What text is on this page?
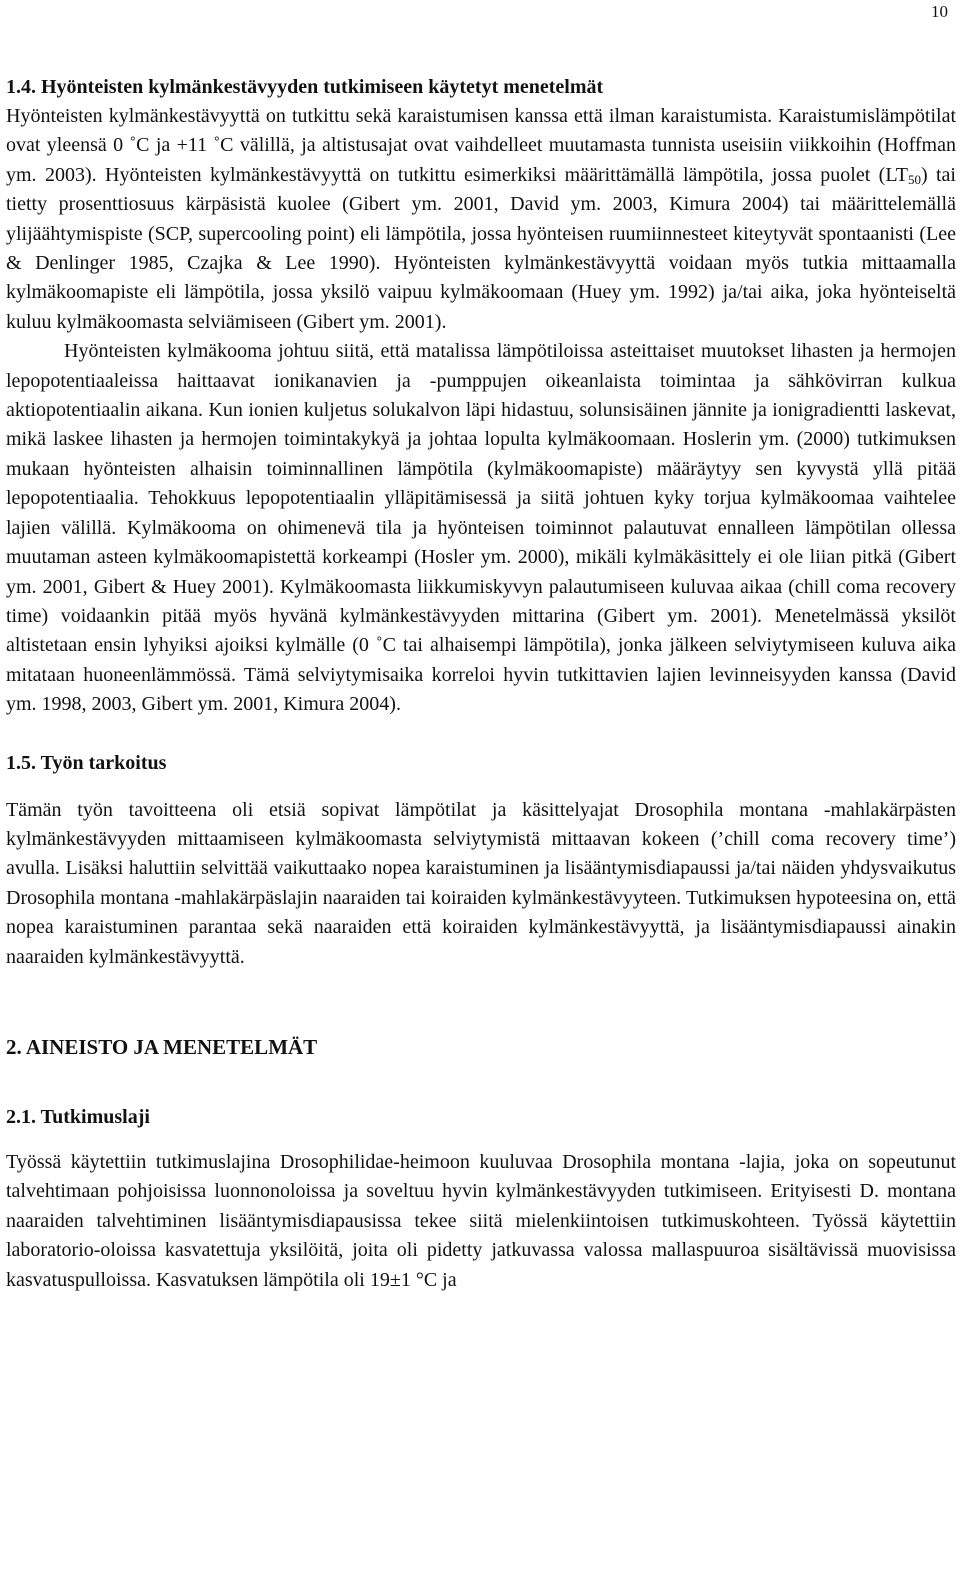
10
1.4. Hyönteisten kylmänkestävyyden tutkimiseen käytetyt menetelmät

Hyönteisten kylmänkestävyyttä on tutkittu sekä karaistumisen kanssa että ilman karaistumista. Karaistumislämpötilat ovat yleensä 0 ˚C ja +11 ˚C välillä, ja altistusajat ovat vaihdelleet muutamasta tunnista useisiin viikkoihin (Hoffman ym. 2003). Hyönteisten kylmänkestävyyttä on tutkittu esimerkiksi määrittämällä lämpötila, jossa puolet $(LT_{50})$ tai tietty prosenttiosuus kärpäsistä kuolee (Gibert ym. 2001, David ym. 2003, Kimura 2004) tai määrittelemällä ylijäähtymispiste (SCP, supercooling point) eli lämpötila, jossa hyönteisen ruumiinnesteet kiteytyvät spontaanisti (Lee & Denlinger 1985, Czajka & Lee 1990). Hyönteisten kylmänkestävyyttä voidaan myös tutkia mittaamalla kylmäkoomapiste eli lämpötila, jossa yksilö vaipuu kylmäkoomaan (Huey ym. 1992) ja/tai aika, joka hyönteiseltä kuluu kylmäkoomasta selviämiseen (Gibert ym. 2001).

Hyönteisten kylmäkooma johtuu siitä, että matalissa lämpötiloissa asteittaiset muutokset lihasten ja hermojen lepopotentiaaleissa haittaavat ionikanavien ja -pumppujen oikeanlaista toimintaa ja sähkövirran kulkua aktiopotentiaalin aikana. Kun ionien kuljetus solukalvon läpi hidastuu, solunsisäinen jännite ja ionigradientti laskevat, mikä laskee lihasten ja hermojen toimintakykyä ja johtaa lopulta kylmäkoomaan. Hoslerin ym. (2000) tutkimuksen mukaan hyönteisten alhaisin toiminnallinen lämpötila (kylmäkoomapiste) määräytyy sen kyvystä yllä pitää lepopotentiaalia. Tehokkuus lepopotentiaalin ylläpitämisessä ja siitä johtuen kyky torjua kylmäkoomaa vaihtelee lajien välillä. Kylmäkooma on ohimenevä tila ja hyönteisen toiminnot palautuvat ennalleen lämpötilan ollessa muutaman asteen kylmäkoomapistettä korkeampi (Hosler ym. 2000), mikäli kylmäkäsittely ei ole liian pitkä (Gibert ym. 2001, Gibert & Huey 2001). Kylmäkoomasta liikkumiskyvyn palautumiseen kuluvaa aikaa (chill coma recovery time) voidaankin pitää myös hyvänä kylmänkestävyyden mittarina (Gibert ym. 2001). Menetelmässä yksilöt altistetaan ensin lyhyiksi ajoiksi kylmälle (0 ˚C tai alhaisempi lämpötila), jonka jälkeen selviytymiseen kuluva aika mitataan huoneenlämmössä. Tämä selviytymisaika korreloi hyvin tutkittavien lajien levinneisyyden kanssa (David ym. 1998, 2003, Gibert ym. 2001, Kimura 2004).

1.5. Työn tarkoitus

Tämän työn tavoitteena oli etsiä sopivat lämpötilat ja käsittelyajat Drosophila montana -mahlakärpästen kylmänkestävyyden mittaamiseen kylmäkoomasta selviytymistä mittaavan kokeen (’chill coma recovery time’) avulla. Lisäksi haluttiin selvittää vaikuttaako nopea karaistuminen ja lisääntymisdiapaussi ja/tai näiden yhdysvaikutus Drosophila montana -mahlakärpäslajin naaraiden tai koiraiden kylmänkestävyyteen. Tutkimuksen hypoteesina on, että nopea karaistuminen parantaa sekä naaraiden että koiraiden kylmänkestävyyttä, ja lisääntymisdiapaussi ainakin naaraiden kylmänkestävyyttä.

2. AINEISTO JA MENETELMÄT
2.1. Tutkimuslaji

Työssä käytettiin tutkimuslajina Drosophilidae-heimoon kuuluvaa Drosophila montana -lajia, joka on sopeutunut talvehtimaan pohjoisissa luonnonoloissa ja soveltuu hyvin kylmänkestävyyden tutkimiseen. Erityisesti D. montana naaraiden talvehtiminen lisääntymisdiapausissa tekee siitä mielenkiintoisen tutkimuskohteen. Työssä käytettiin laboratorio-oloissa kasvatettuja yksilöitä, joita oli pidetty jatkuvassa valossa mallaspuuroa sisältävissä muovisissa kasvatuspulloissa. Kasvatuksen lämpötila oli 19±1 °C ja
